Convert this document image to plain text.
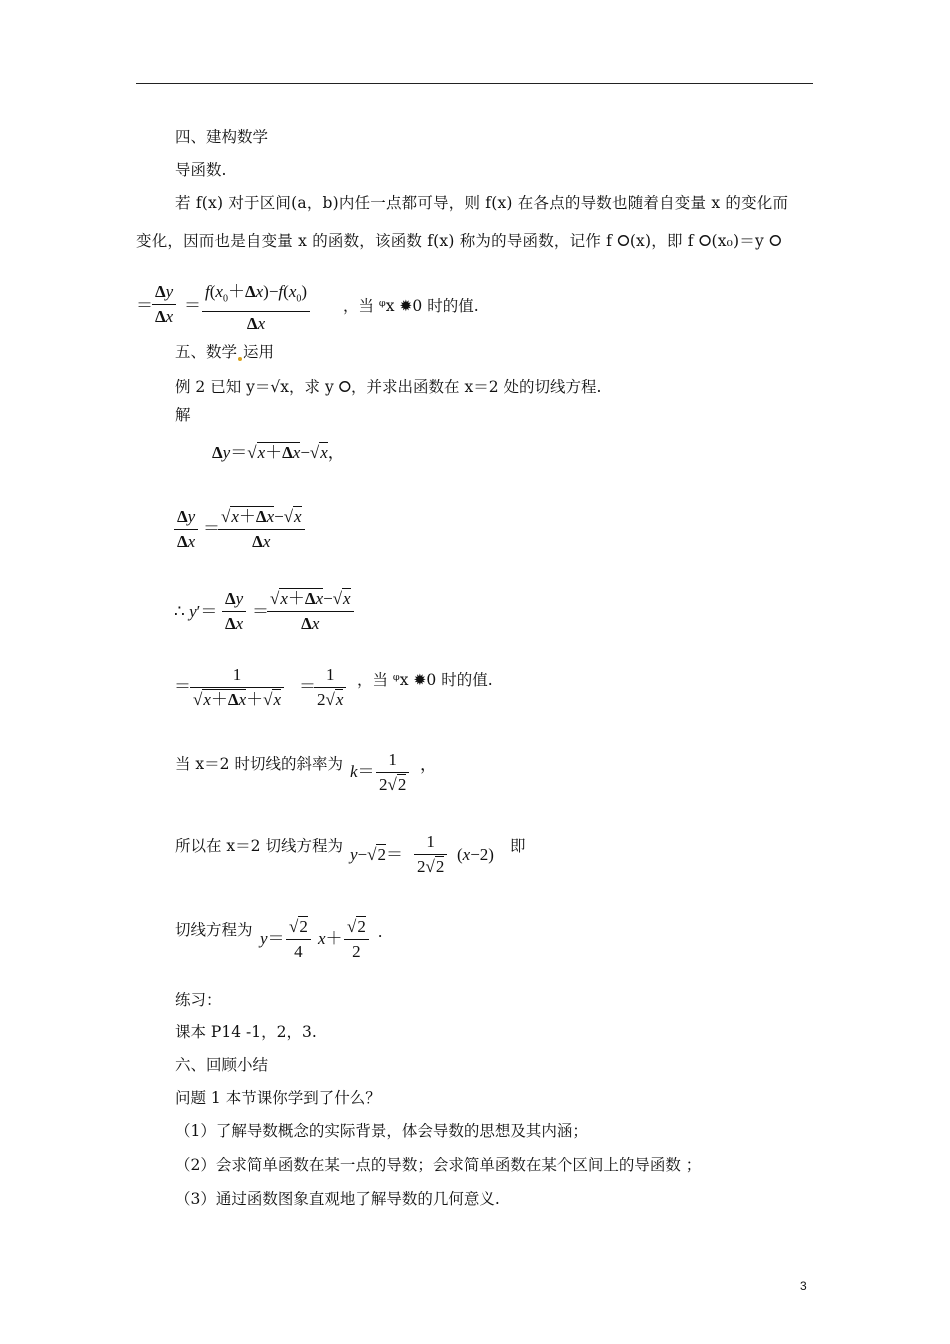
四、建构数学
导函数.
若 f(x) 对于区间(a，b)内任一点都可导，则 f(x) 在各点的导数也随着自变量 x 的变化而
变化，因而也是自变量 x 的函数，该函数 f(x) 称为的导函数，记作 f ⭘(x)，即 f ⭘(x₀)＝y ⭘
＝ $\frac{\Delta y}{\Delta x} = \frac{f(x_0+\Delta x)-f(x_0)}{\Delta x}$ ，当 ᵠx ✹0 时的值.
五、数学 运用
例 2 已知 y＝√x，求 y ⭘，并求出函数在 x＝2 处的切线方程.
解
Δy＝√x＋Δx−√x，
$\frac{\Delta y}{\Delta x}$ ＝
$\frac{√x+\Delta x-√x}{\Delta x}$
∴ $y'= \frac{\Delta y}{\Delta x}$ ＝
$\frac{√x+\Delta x-√x}{\Delta x}$
＝ $\frac{1}{√x+\Delta x+√x}$ ＝
$\frac{1}{2√x}$ ，当 ᵠx ✹0 时的值.
当 x＝2 时切线的斜率为 $k= \frac{1}{2√2}$ ，
所以在 x＝2 切线方程为 $y-√2= \frac{1}{2√2} (x-2)$ 即
切线方程为 $y= \frac{√2}{4} x+ \frac{√2}{2}$ .
练习：
课本 P14 -1，2，3.
六、回顾小结
问题 1 本节课你学到了什么？
（1）了解导数概念的实际背景，体会导数的思想及其内涵；
（2）会求简单函数在某一点的导数；会求简单函数在某个区间上的导函数 ；
（3）通过函数图象直观地了解导数的几何意义.
3
